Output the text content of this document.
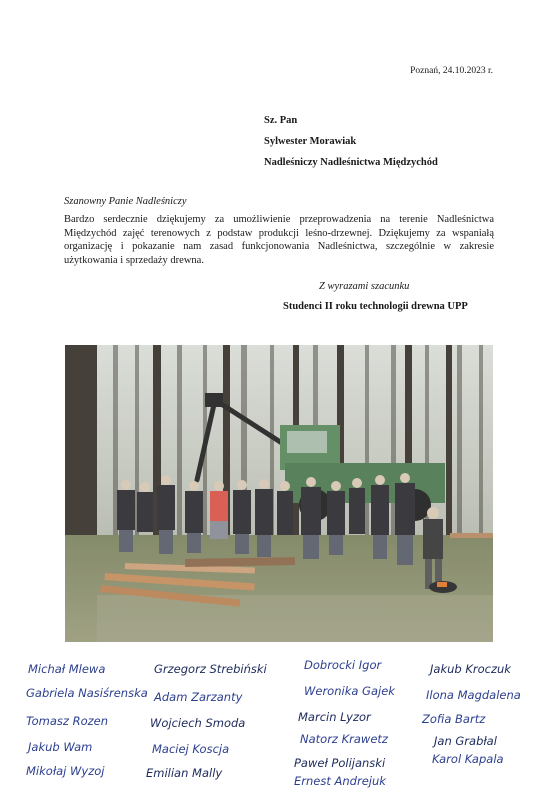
Poznań, 24.10.2023 r.
Sz. Pan
Sylwester Morawiak
Nadleśniczy Nadleśnictwa Międzychód
Szanowny Panie Nadleśniczy

Bardzo serdecznie dziękujemy za umożliwienie przeprowadzenia na terenie Nadleśnictwa Międzychód zajęć terenowych z podstaw produkcji leśno-drzewnej. Dziękujemy za wspaniałą organizację i pokazanie nam zasad funkcjonowania Nadleśnictwa, szczególnie w zakresie użytkowania i sprzedaży drewna.

Z wyrazami szacunku
Studenci II roku technologii drewna UPP
Michał Mlewa
Gabriela Nasiśrenska
Tomasz Rozen
Jakub Wam
Mikołaj Wyzoj
Grzegorz Strebiński
Adam Zarzanty
Wojciech Smoda
Maciej Koscja
Emilian Mally
Dobrocki Igor
Weronika Gajek
Marcin Lyzor
Natorz Krawetz
Paweł Polijanski
Ernest Andrejuk
Jakub Kroczuk
Ilona Magdalena
Zofia Bartz
Jan Grabłal
Karol Kapala
